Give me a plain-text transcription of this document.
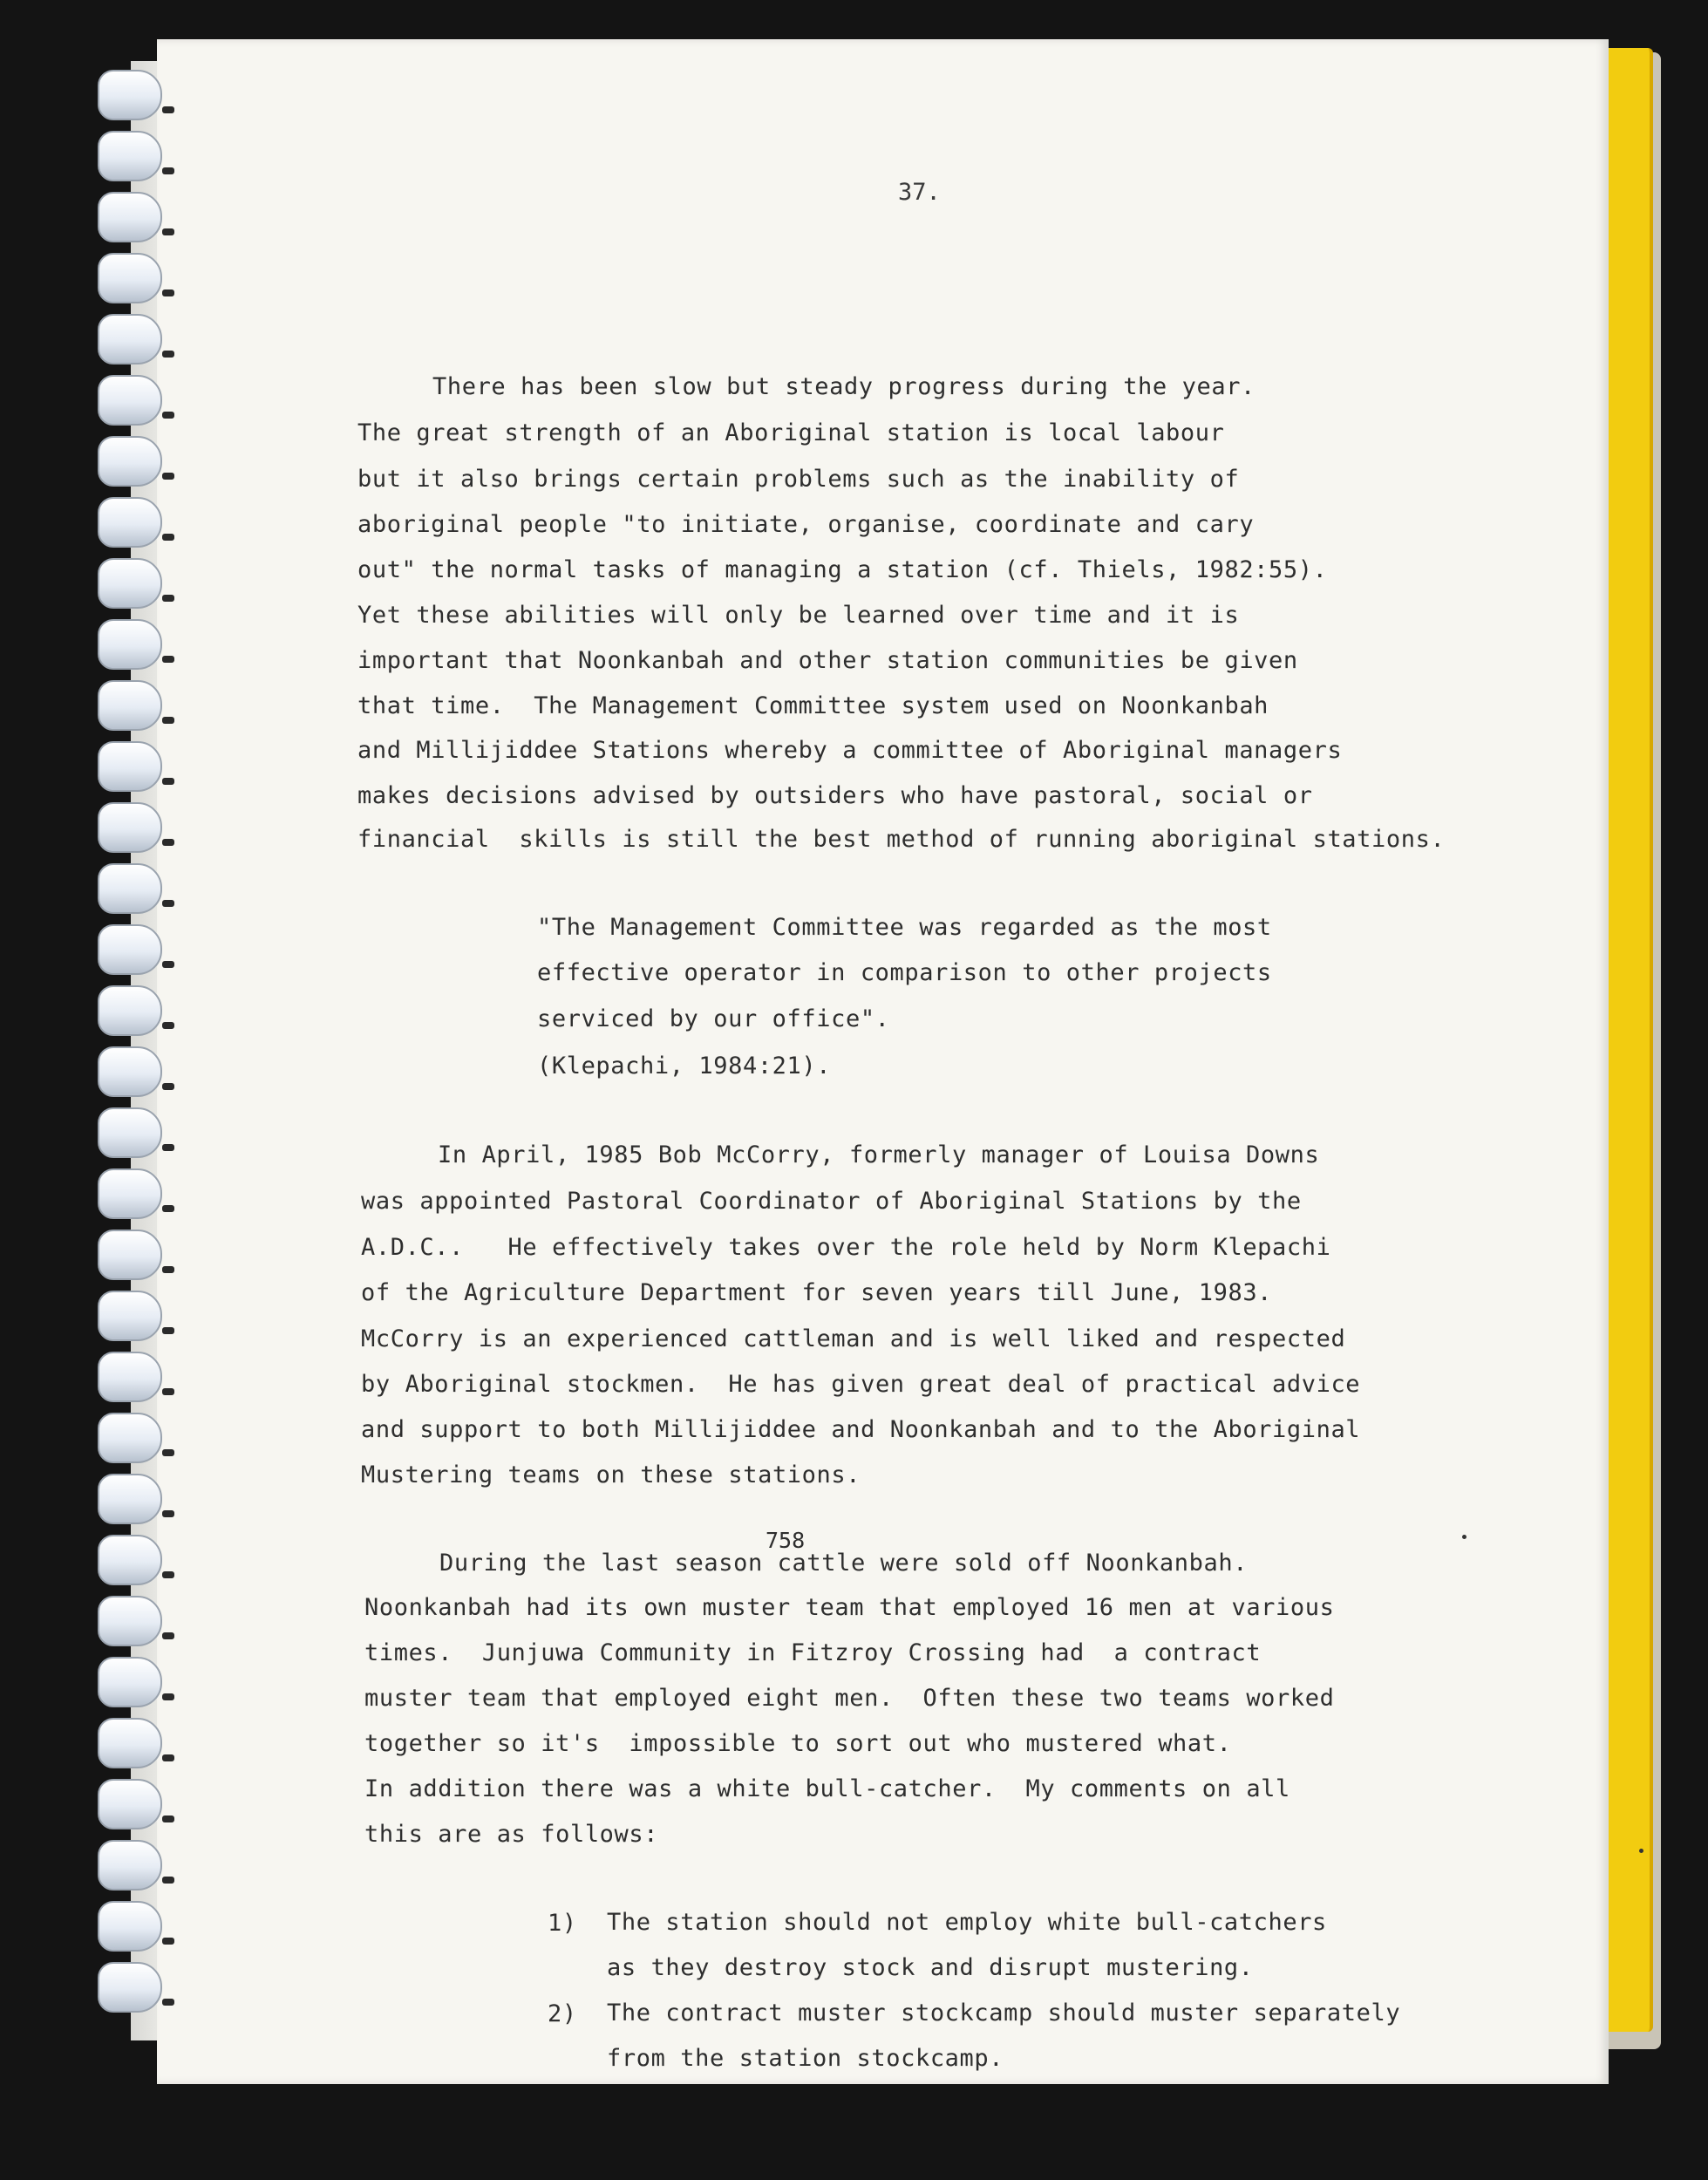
37.
There has been slow but steady progress during the year.
The great strength of an Aboriginal station is local labour
but it also brings certain problems such as the inability of
aboriginal people "to initiate, organise, coordinate and cary
out" the normal tasks of managing a station (cf. Thiels, 1982:55).
Yet these abilities will only be learned over time and it is
important that Noonkanbah and other station communities be given
that time.  The Management Committee system used on Noonkanbah
and Millijiddee Stations whereby a committee of Aboriginal managers
makes decisions advised by outsiders who have pastoral, social or
financial  skills is still the best method of running aboriginal stations.
"The Management Committee was regarded as the most
effective operator in comparison to other projects
serviced by our office".
(Klepachi, 1984:21).
In April, 1985 Bob McCorry, formerly manager of Louisa Downs
was appointed Pastoral Coordinator of Aboriginal Stations by the
A.D.C..   He effectively takes over the role held by Norm Klepachi
of the Agriculture Department for seven years till June, 1983.
McCorry is an experienced cattleman and is well liked and respected
by Aboriginal stockmen.  He has given great deal of practical advice
and support to both Millijiddee and Noonkanbah and to the Aboriginal
Mustering teams on these stations.
758
During the last season cattle were sold off Noonkanbah.
Noonkanbah had its own muster team that employed 16 men at various
times.  Junjuwa Community in Fitzroy Crossing had  a contract
muster team that employed eight men.  Often these two teams worked
together so it's  impossible to sort out who mustered what.
In addition there was a white bull-catcher.  My comments on all
this are as follows:
1) The station should not employ white bull-catchers
as they destroy stock and disrupt mustering.
2) The contract muster stockcamp should muster separately
from the station stockcamp.
